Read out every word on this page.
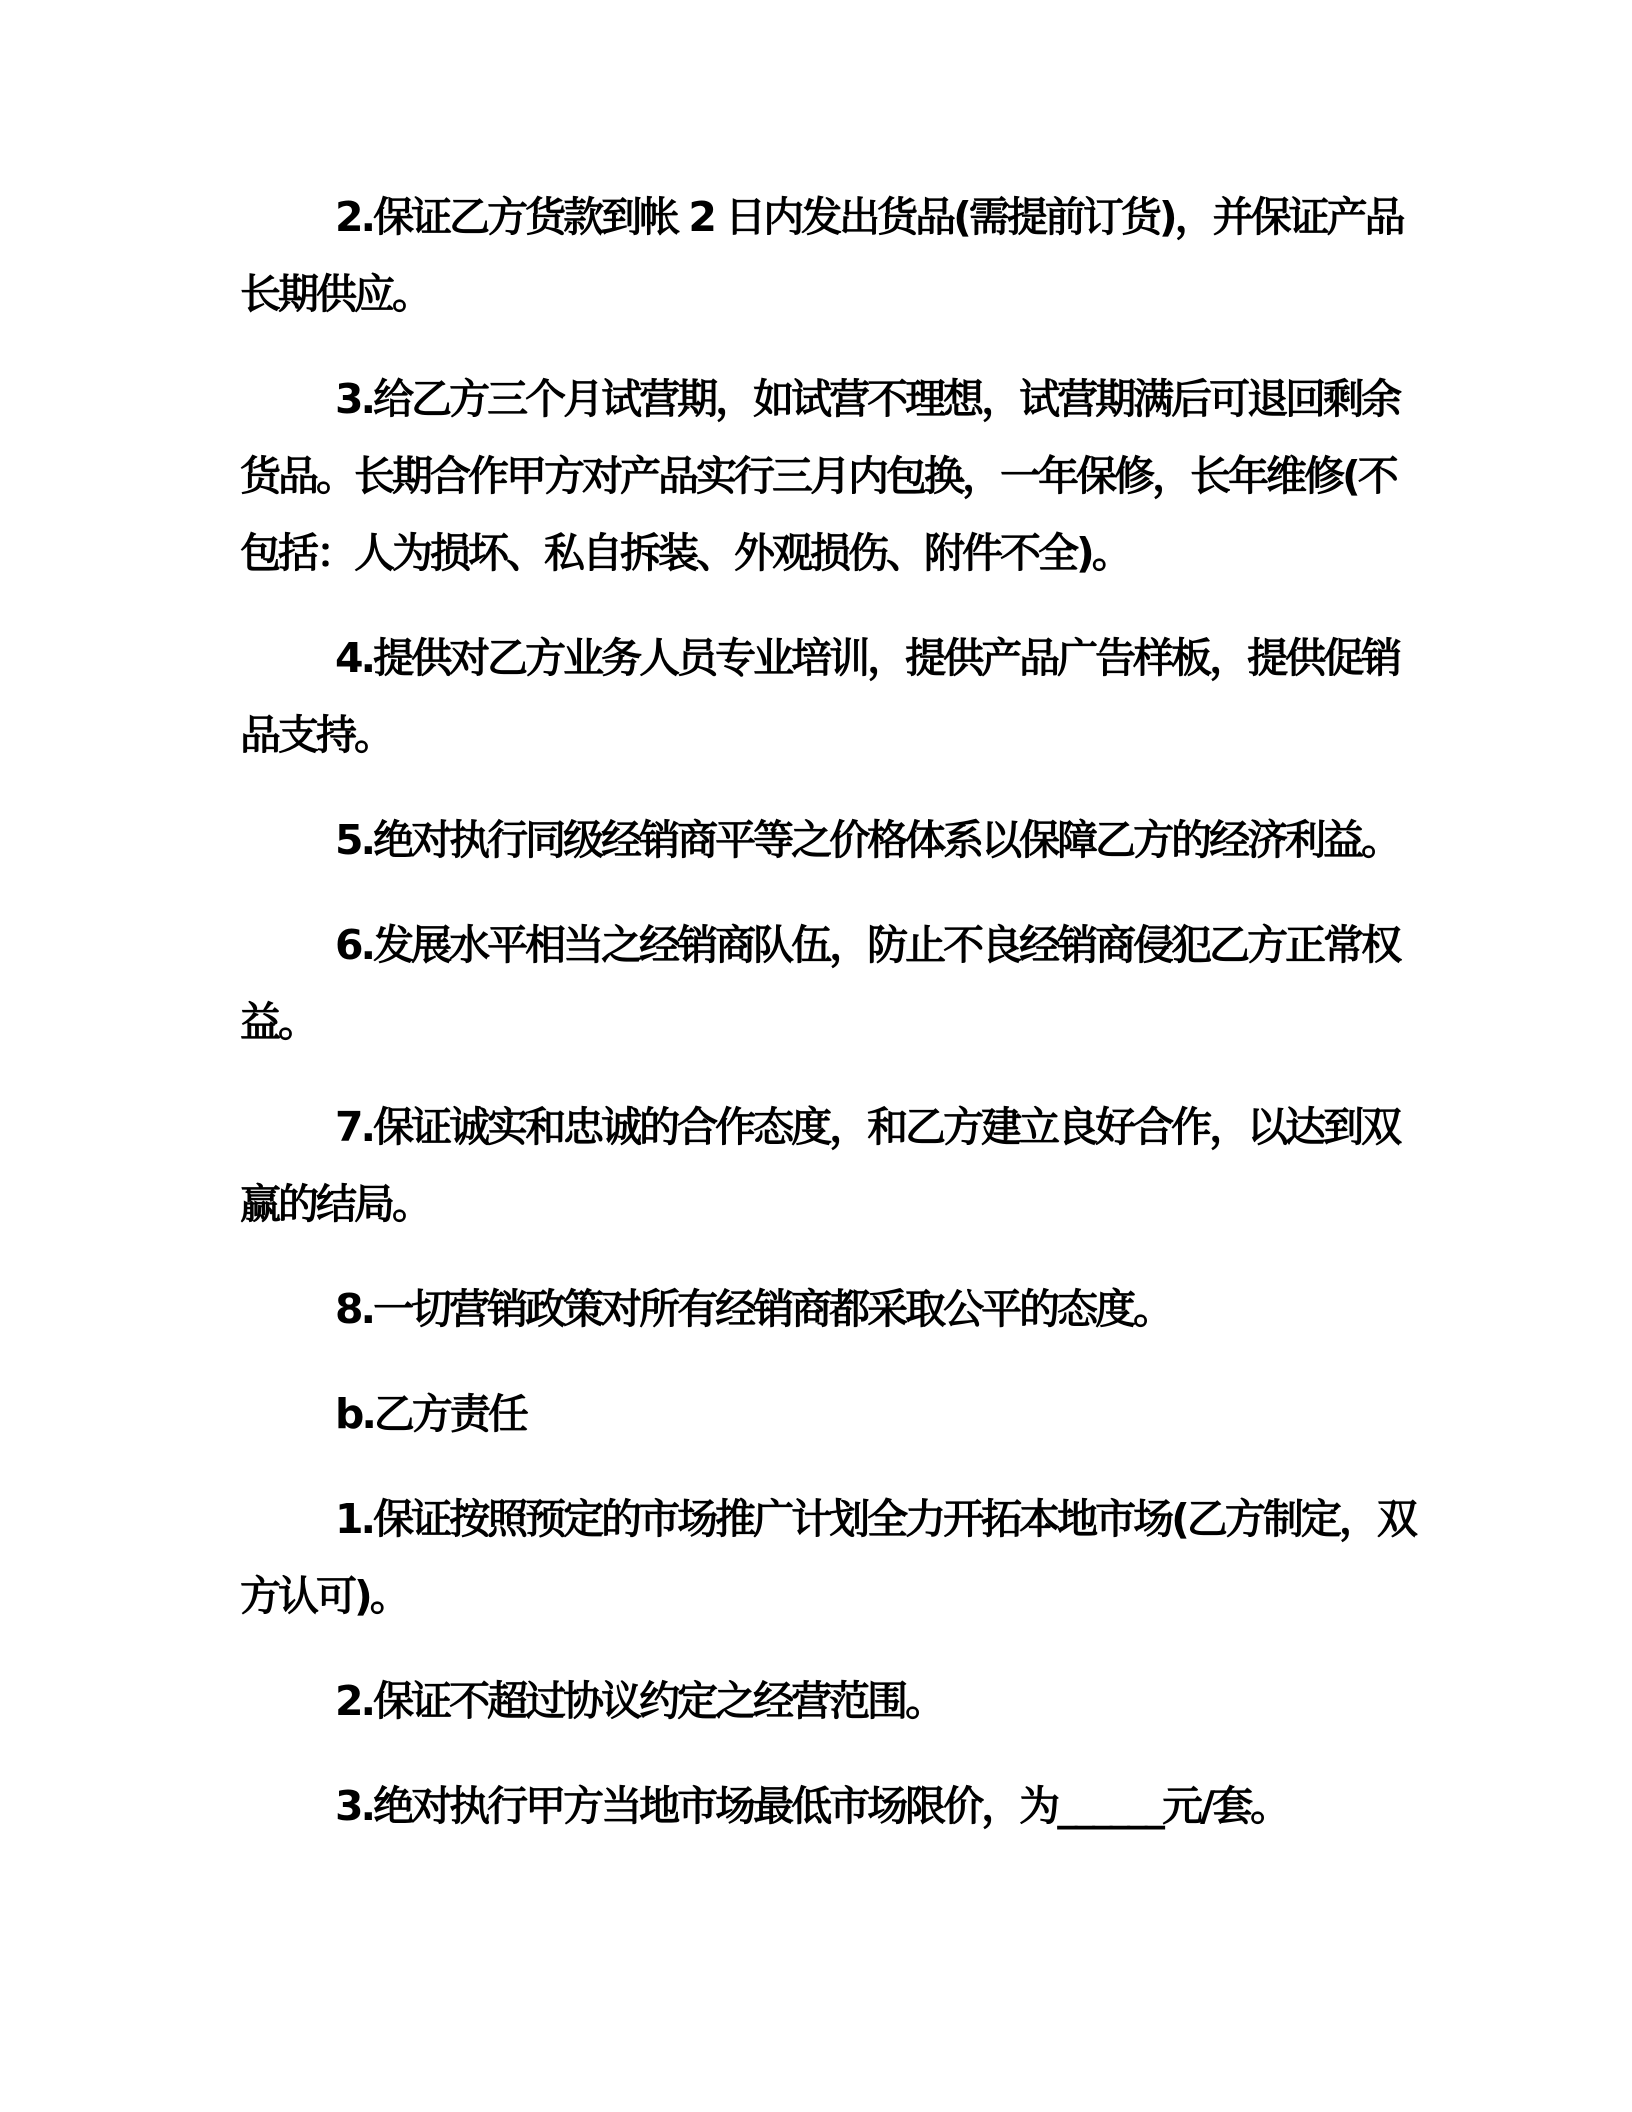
2.保证乙方货款到帐 2 日内发出货品(需提前订货)，并保证产品
长期供应。
3.给乙方三个月试营期，如试营不理想，试营期满后可退回剩余
货品。长期合作甲方对产品实行三月内包换，一年保修，长年维修(不
包括：人为损坏、私自拆装、外观损伤、附件不全)。
4.提供对乙方业务人员专业培训，提供产品广告样板，提供促销
品支持。
5.绝对执行同级经销商平等之价格体系以保障乙方的经济利益。
6.发展水平相当之经销商队伍，防止不良经销商侵犯乙方正常权
益。
7.保证诚实和忠诚的合作态度，和乙方建立良好合作，以达到双
赢的结局。
8.一切营销政策对所有经销商都采取公平的态度。
b.乙方责任
1.保证按照预定的市场推广计划全力开拓本地市场(乙方制定，双
方认可)。
2.保证不超过协议约定之经营范围。
3.绝对执行甲方当地市场最低市场限价，为______元/套。
